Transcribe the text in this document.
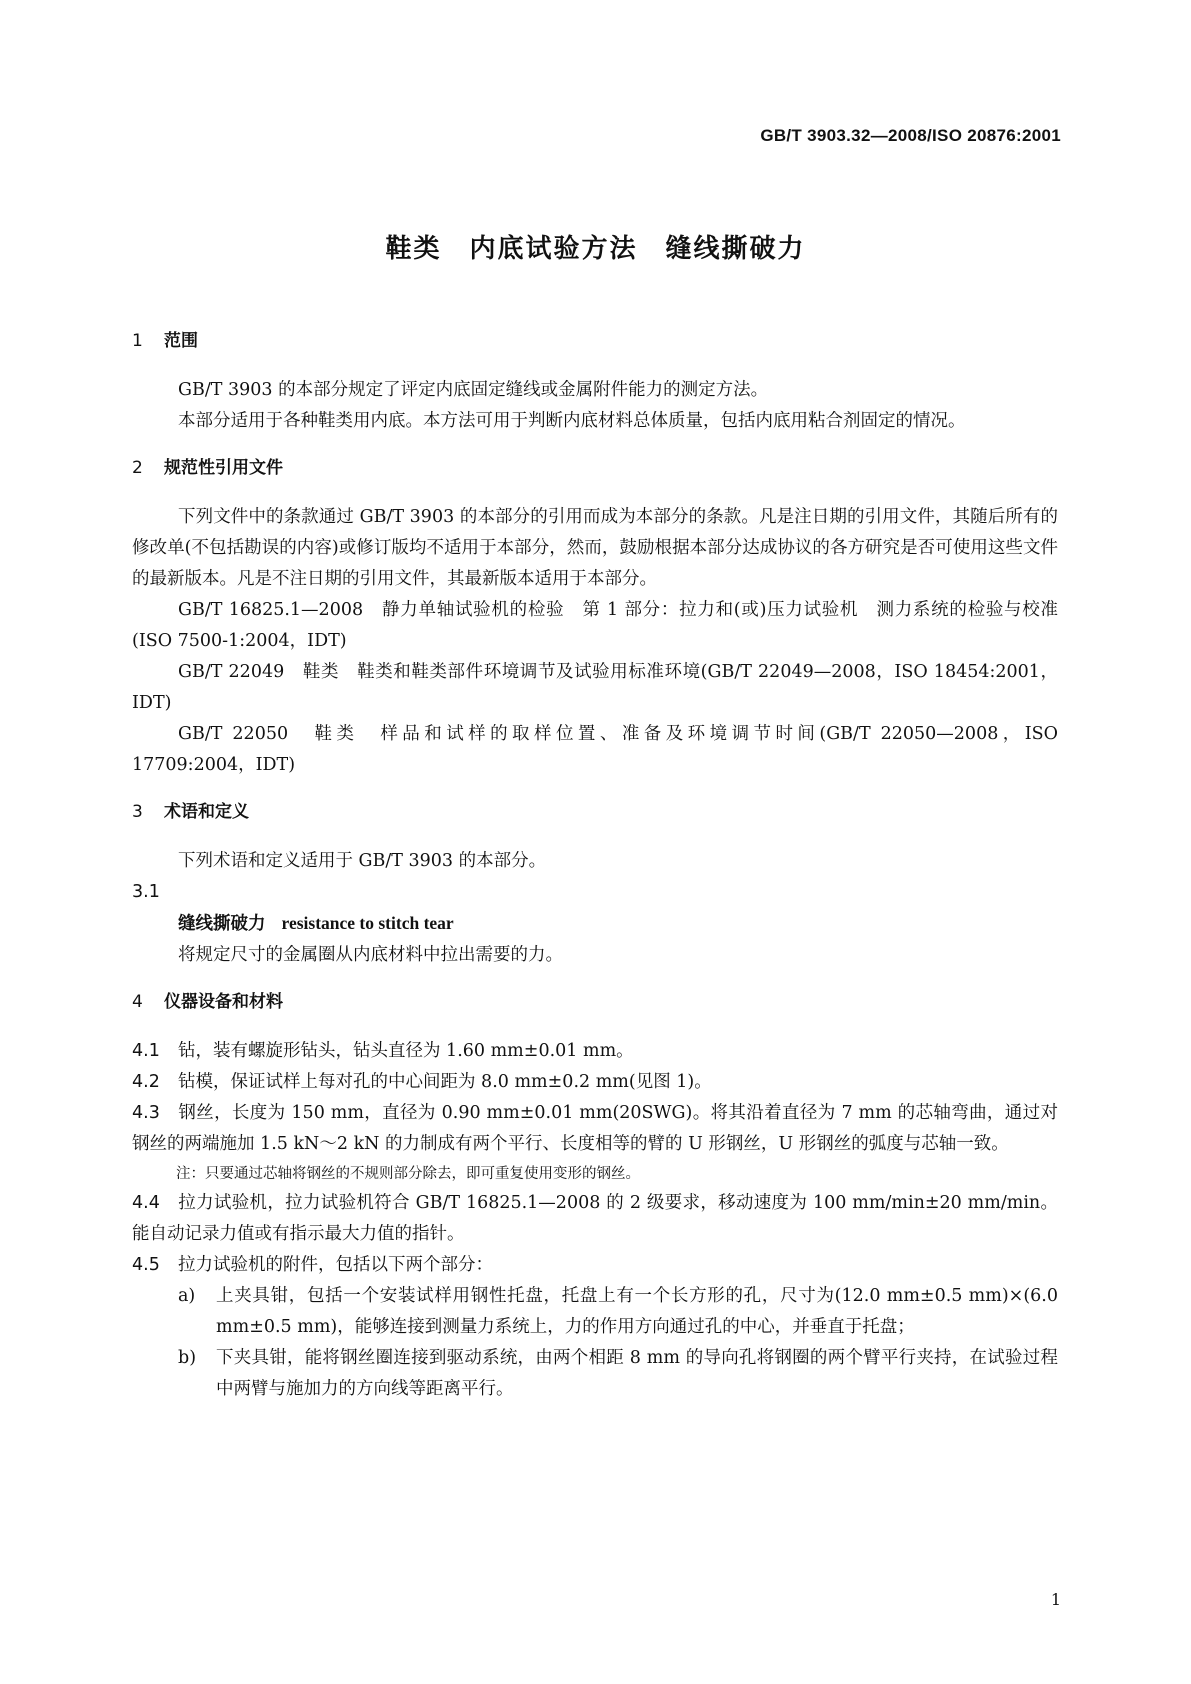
GB/T 3903.32—2008/ISO 20876:2001
鞋类　内底试验方法　缝线撕破力
1 范围

GB/T 3903 的本部分规定了评定内底固定缝线或金属附件能力的测定方法。

本部分适用于各种鞋类用内底。本方法可用于判断内底材料总体质量，包括内底用粘合剂固定的情况。

2 规范性引用文件

下列文件中的条款通过 GB/T 3903 的本部分的引用而成为本部分的条款。凡是注日期的引用文件，其随后所有的修改单(不包括勘误的内容)或修订版均不适用于本部分，然而，鼓励根据本部分达成协议的各方研究是否可使用这些文件的最新版本。凡是不注日期的引用文件，其最新版本适用于本部分。

GB/T 16825.1—2008　静力单轴试验机的检验　第 1 部分：拉力和(或)压力试验机　测力系统的检验与校准(ISO 7500-1:2004，IDT)

GB/T 22049　鞋类　鞋类和鞋类部件环境调节及试验用标准环境(GB/T 22049—2008，ISO 18454:2001，IDT)

GB/T 22050　鞋类　样品和试样的取样位置、准备及环境调节时间(GB/T 22050—2008，ISO 17709:2004，IDT)

3 术语和定义

下列术语和定义适用于 GB/T 3903 的本部分。

3.1

缝线撕破力 resistance to stitch tear

将规定尺寸的金属圈从内底材料中拉出需要的力。

4 仪器设备和材料

4.1 钻，装有螺旋形钻头，钻头直径为 1.60 mm±0.01 mm。

4.2 钻模，保证试样上每对孔的中心间距为 8.0 mm±0.2 mm(见图 1)。

4.3 钢丝，长度为 150 mm，直径为 0.90 mm±0.01 mm(20SWG)。将其沿着直径为 7 mm 的芯轴弯曲，通过对钢丝的两端施加 1.5 kN～2 kN 的力制成有两个平行、长度相等的臂的 U 形钢丝，U 形钢丝的弧度与芯轴一致。

注：只要通过芯轴将钢丝的不规则部分除去，即可重复使用变形的钢丝。

4.4 拉力试验机，拉力试验机符合 GB/T 16825.1—2008 的 2 级要求，移动速度为 100 mm/min±20 mm/min。能自动记录力值或有指示最大力值的指针。

4.5 拉力试验机的附件，包括以下两个部分：

a) 上夹具钳，包括一个安装试样用钢性托盘，托盘上有一个长方形的孔，尺寸为(12.0 mm±0.5 mm)×(6.0 mm±0.5 mm)，能够连接到测量力系统上，力的作用方向通过孔的中心，并垂直于托盘；
b) 下夹具钳，能将钢丝圈连接到驱动系统，由两个相距 8 mm 的导向孔将钢圈的两个臂平行夹持，在试验过程中两臂与施加力的方向线等距离平行。
1
